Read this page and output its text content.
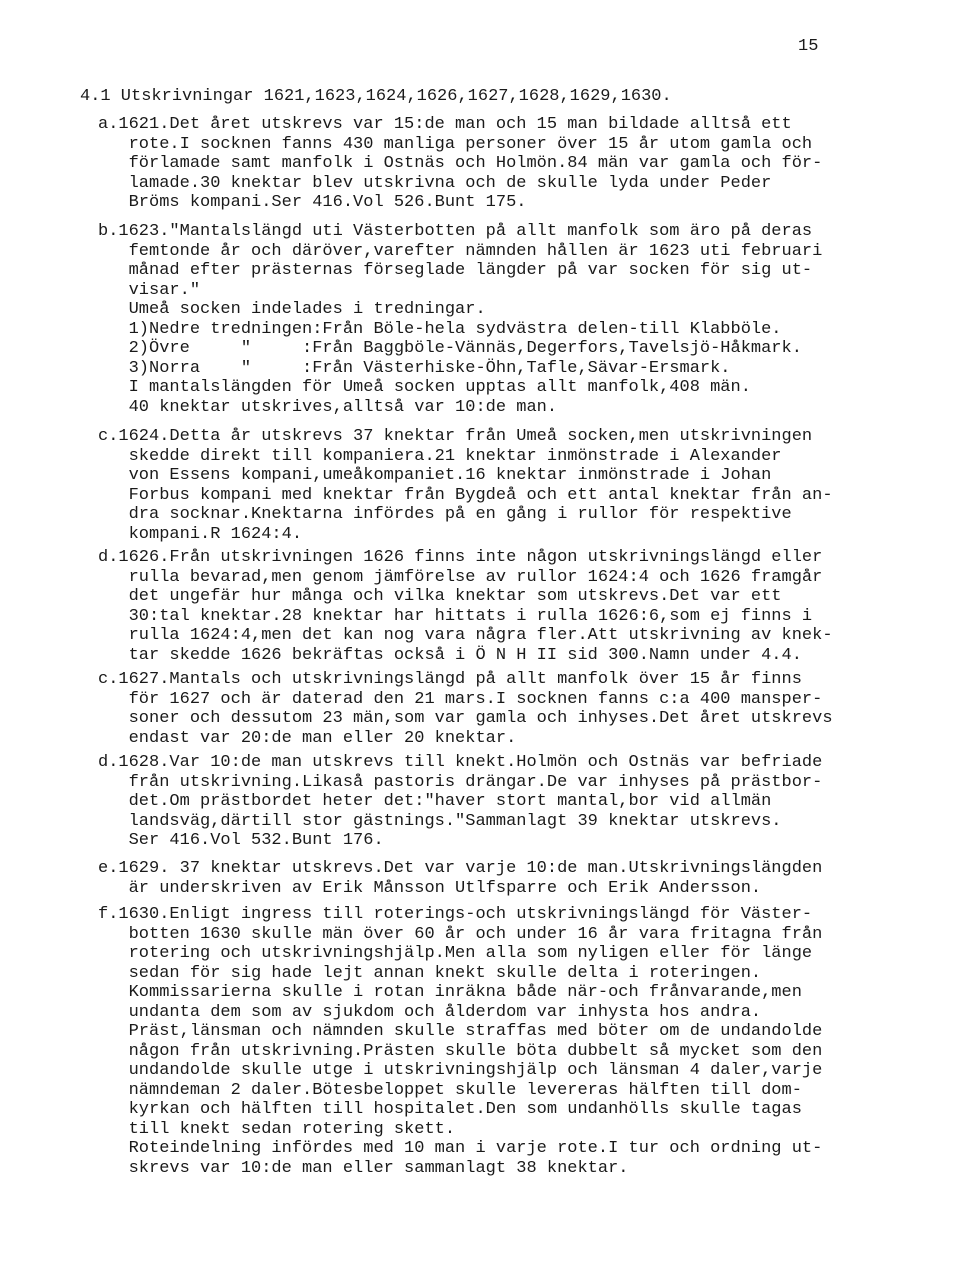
15
4.1 Utskrivningar 1621,1623,1624,1626,1627,1628,1629,1630.
a.1621.Det året utskrevs var 15:de man och 15 man bildade alltså ett
rote.I socknen fanns 430 manliga personer över 15 år utom gamla och
förlamade samt manfolk i Ostnäs och Holmön.84 män var gamla och för-
lamade.30 knektar blev utskrivna och de skulle lyda under Peder
Bröms kompani.Ser 416.Vol 526.Bunt 175.
b.1623."Mantalslängd uti Västerbotten på allt manfolk som äro på deras
femtonde år och däröver,varefter nämnden hållen är 1623 uti februari
månad efter prästernas förseglade längder på var socken för sig ut-
visar."
Umeå socken indelades i tredningar.
1)Nedre tredningen:Från Böle-hela sydvästra delen-till Klabböle.
2)Övre     "     :Från Baggböle-Vännäs,Degerfors,Tavelsjö-Håkmark.
3)Norra    "     :Från Västerhiske-Öhn,Tafle,Sävar-Ersmark.
I mantalslängden för Umeå socken upptas allt manfolk,408 män.
40 knektar utskrives,alltså var 10:de man.
c.1624.Detta år utskrevs 37 knektar från Umeå socken,men utskrivningen
skedde direkt till kompaniera.21 knektar inmönstrade i Alexander
von Essens kompani,umeåkompaniet.16 knektar inmönstrade i Johan
Forbus kompani med knektar från Bygdeå och ett antal knektar från an-
dra socknar.Knektarna infördes på en gång i rullor för respektive
kompani.R 1624:4.
d.1626.Från utskrivningen 1626 finns inte någon utskrivningslängd eller
rulla bevarad,men genom jämförelse av rullor 1624:4 och 1626 framgår
det ungefär hur många och vilka knektar som utskrevs.Det var ett
30:tal knektar.28 knektar har hittats i rulla 1626:6,som ej finns i
rulla 1624:4,men det kan nog vara några fler.Att utskrivning av knek-
tar skedde 1626 bekräftas också i Ö N H II sid 300.Namn under 4.4.
c.1627.Mantals och utskrivningslängd på allt manfolk över 15 år finns
för 1627 och är daterad den 21 mars.I socknen fanns c:a 400 mansper-
soner och dessutom 23 män,som var gamla och inhyses.Det året utskrevs
endast var 20:de man eller 20 knektar.
d.1628.Var 10:de man utskrevs till knekt.Holmön och Ostnäs var befriade
från utskrivning.Likaså pastoris drängar.De var inhyses på prästbor-
det.Om prästbordet heter det:"haver stort mantal,bor vid allmän
landsväg,därtill stor gästnings."Sammanlagt 39 knektar utskrevs.
Ser 416.Vol 532.Bunt 176.
e.1629. 37 knektar utskrevs.Det var varje 10:de man.Utskrivningslängden
är underskriven av Erik Månsson Utlfsparre och Erik Andersson.
f.1630.Enligt ingress till roterings-och utskrivningslängd för Väster-
botten 1630 skulle män över 60 år och under 16 år vara fritagna från
rotering och utskrivningshjälp.Men alla som nyligen eller för länge
sedan för sig hade lejt annan knekt skulle delta i roteringen.
Kommissarierna skulle i rotan inräkna både när-och frånvarande,men
undanta dem som av sjukdom och ålderdom var inhysta hos andra.
Präst,länsman och nämnden skulle straffas med böter om de undandolde
någon från utskrivning.Prästen skulle böta dubbelt så mycket som den
undandolde skulle utge i utskrivningshjälp och länsman 4 daler,varje
nämndeman 2 daler.Bötesbeloppet skulle levereras hälften till dom-
kyrkan och hälften till hospitalet.Den som undanhölls skulle tagas
till knekt sedan rotering skett.
Roteindelning infördes med 10 man i varje rote.I tur och ordning ut-
skrevs var 10:de man eller sammanlagt 38 knektar.
